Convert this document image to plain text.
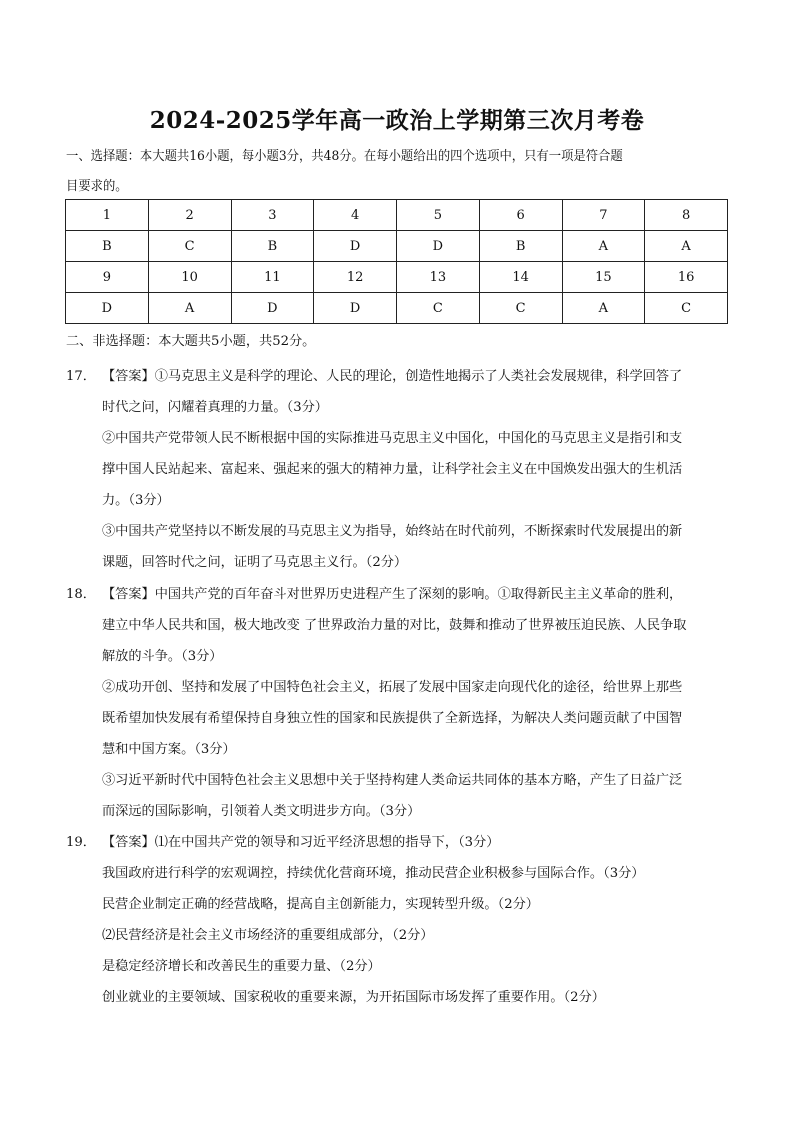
2024-2025学年高一政治上学期第三次月考卷
一、选择题：本大题共16小题，每小题3分，共48分。在每小题给出的四个选项中，只有一项是符合题
目要求的。
1	2	3	4	5	6	7	8
B	C	B	D	D	B	A	A
9	10	11	12	13	14	15	16
D	A	D	D	C	C	A	C
二、非选择题：本大题共5小题，共52分。
17． 【答案】①马克思主义是科学的理论、人民的理论，创造性地揭示了人类社会发展规律，科学回答了
时代之问，闪耀着真理的力量。（3分）
②中国共产党带领人民不断根据中国的实际推进马克思主义中国化，中国化的马克思主义是指引和支
撑中国人民站起来、富起来、强起来的强大的精神力量，让科学社会主义在中国焕发出强大的生机活
力。（3分）
③中国共产党坚持以不断发展的马克思主义为指导，始终站在时代前列，不断探索时代发展提出的新
课题，回答时代之问，证明了马克思主义行。（2分）
18． 【答案】中国共产党的百年奋斗对世界历史进程产生了深刻的影响。①取得新民主主义革命的胜利，
建立中华人民共和国，极大地改变 了世界政治力量的对比，鼓舞和推动了世界被压迫民族、人民争取
解放的斗争。（3分）
②成功开创、坚持和发展了中国特色社会主义，拓展了发展中国家走向现代化的途径，给世界上那些
既希望加快发展有希望保持自身独立性的国家和民族提供了全新选择，为解决人类问题贡献了中国智
慧和中国方案。（3分）
③习近平新时代中国特色社会主义思想中关于坚持构建人类命运共同体的基本方略，产生了日益广泛
而深远的国际影响，引领着人类文明进步方向。（3分）
19． 【答案】⑴在中国共产党的领导和习近平经济思想的指导下，（3分）
我国政府进行科学的宏观调控，持续优化营商环境，推动民营企业积极参与国际合作。（3分）
民营企业制定正确的经营战略，提高自主创新能力，实现转型升级。（2分）
⑵民营经济是社会主义市场经济的重要组成部分，（2分）
是稳定经济增长和改善民生的重要力量、（2分）
创业就业的主要领域、国家税收的重要来源，为开拓国际市场发挥了重要作用。（2分）
